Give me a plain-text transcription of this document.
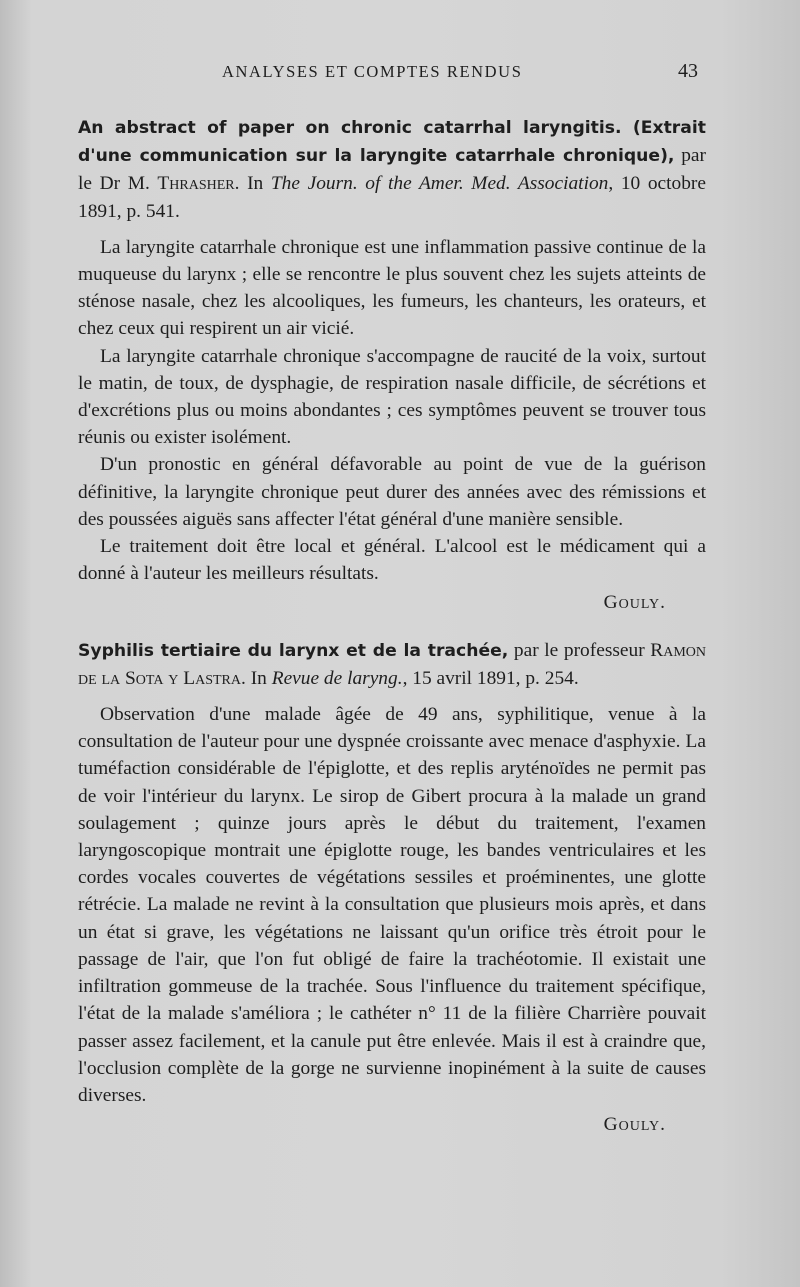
ANALYSES ET COMPTES RENDUS	43

An abstract of paper on chronic catarrhal laryngitis. (Extrait d'une communication sur la laryngite catarrhale chronique), par le Dr M. Thrasher. In The Journ. of the Amer. Med. Association, 10 octobre 1891, p. 541.

La laryngite catarrhale chronique est une inflammation passive continue de la muqueuse du larynx ; elle se rencontre le plus souvent chez les sujets atteints de sténose nasale, chez les alcooliques, les fumeurs, les chanteurs, les orateurs, et chez ceux qui respirent un air vicié.

La laryngite catarrhale chronique s'accompagne de raucité de la voix, surtout le matin, de toux, de dysphagie, de respiration nasale difficile, de sécrétions et d'excrétions plus ou moins abondantes ; ces symptômes peuvent se trouver tous réunis ou exister isolément.

D'un pronostic en général défavorable au point de vue de la guérison définitive, la laryngite chronique peut durer des années avec des rémissions et des poussées aiguës sans affecter l'état général d'une manière sensible.

Le traitement doit être local et général. L'alcool est le médicament qui a donné à l'auteur les meilleurs résultats.

Gouly.

Syphilis tertiaire du larynx et de la trachée, par le professeur Ramon de la Sota y Lastra. In Revue de laryng., 15 avril 1891, p. 254.

Observation d'une malade âgée de 49 ans, syphilitique, venue à la consultation de l'auteur pour une dyspnée croissante avec menace d'asphyxie. La tuméfaction considérable de l'épiglotte, et des replis aryténoïdes ne permit pas de voir l'intérieur du larynx. Le sirop de Gibert procura à la malade un grand soulagement ; quinze jours après le début du traitement, l'examen laryngoscopique montrait une épiglotte rouge, les bandes ventriculaires et les cordes vocales couvertes de végétations sessiles et proéminentes, une glotte rétrécie. La malade ne revint à la consultation que plusieurs mois après, et dans un état si grave, les végétations ne laissant qu'un orifice très étroit pour le passage de l'air, que l'on fut obligé de faire la trachéotomie. Il existait une infiltration gommeuse de la trachée. Sous l'influence du traitement spécifique, l'état de la malade s'améliora ; le cathéter n° 11 de la filière Charrière pouvait passer assez facilement, et la canule put être enlevée. Mais il est à craindre que, l'occlusion complète de la gorge ne survienne inopinément à la suite de causes diverses.

Gouly.
